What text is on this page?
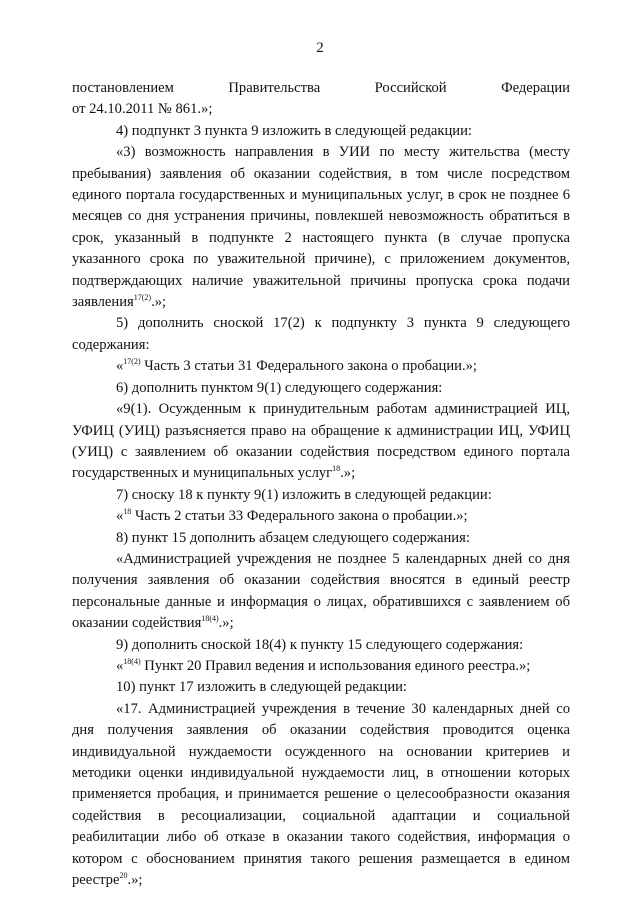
2

постановлением	Правительства	Российской	Федерации

от 24.10.2011 № 861.»;

4) подпункт 3 пункта 9 изложить в следующей редакции:

«3) возможность направления в УИИ по месту жительства (месту пребывания) заявления об оказании содействия, в том числе посредством единого портала государственных и муниципальных услуг, в срок не позднее 6 месяцев со дня устранения причины, повлекшей невозможность обратиться в срок, указанный в подпункте 2 настоящего пункта (в случае пропуска указанного срока по уважительной причине), с приложением документов, подтверждающих наличие уважительной причины пропуска срока подачи заявления$^{17(2)}$.»;

5) дополнить сноской 17(2) к подпункту 3 пункта 9 следующего содержания:

«$^{17(2)}$ Часть 3 статьи 31 Федерального закона о пробации.»;

6) дополнить пунктом 9(1) следующего содержания:

«9(1). Осужденным к принудительным работам администрацией ИЦ, УФИЦ (УИЦ) разъясняется право на обращение к администрации ИЦ, УФИЦ (УИЦ) с заявлением об оказании содействия посредством единого портала государственных и муниципальных услуг$^{18}$.»;

7) сноску 18 к пункту 9(1) изложить в следующей редакции:

«$^{18}$ Часть 2 статьи 33 Федерального закона о пробации.»;

8) пункт 15 дополнить абзацем следующего содержания:

«Администрацией учреждения не позднее 5 календарных дней со дня получения заявления об оказании содействия вносятся в единый реестр персональные данные и информация о лицах, обратившихся с заявлением об оказании содействия$^{18(4)}$.»;

9) дополнить сноской 18(4) к пункту 15 следующего содержания:

«$^{18(4)}$ Пункт 20 Правил ведения и использования единого реестра.»;

10) пункт 17 изложить в следующей редакции:

«17. Администрацией учреждения в течение 30 календарных дней со дня получения заявления об оказании содействия проводится оценка индивидуальной нуждаемости осужденного на основании критериев и методики оценки индивидуальной нуждаемости лиц, в отношении которых применяется пробация, и принимается решение о целесообразности оказания содействия в ресоциализации, социальной адаптации и социальной реабилитации либо об отказе в оказании такого содействия, информация о котором с обоснованием принятия такого решения размещается в едином реестре$^{20}$.»;
